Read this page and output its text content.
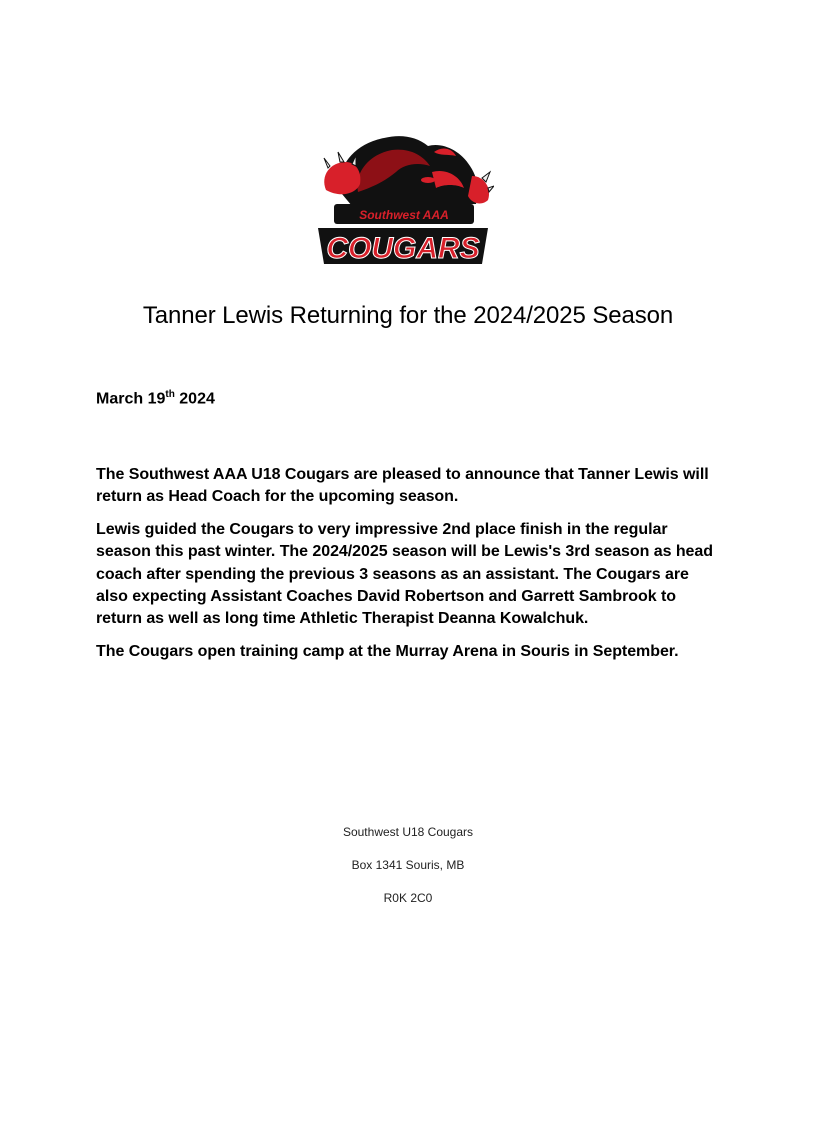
Southwest AAA
COUGARS
Tanner Lewis Returning for the 2024/2025 Season

March 19th 2024

The Southwest AAA U18 Cougars are pleased to announce that Tanner Lewis will return as Head Coach for the upcoming season.

Lewis guided the Cougars to very impressive 2nd place finish in the regular season this past winter. The 2024/2025 season will be Lewis's 3rd season as head coach after spending the previous 3 seasons as an assistant. The Cougars are also expecting Assistant Coaches David Robertson and Garrett Sambrook to return as well as long time Athletic Therapist Deanna Kowalchuk.

The Cougars open training camp at the Murray Arena in Souris in September.

Southwest U18 Cougars

Box 1341 Souris, MB

R0K 2C0
